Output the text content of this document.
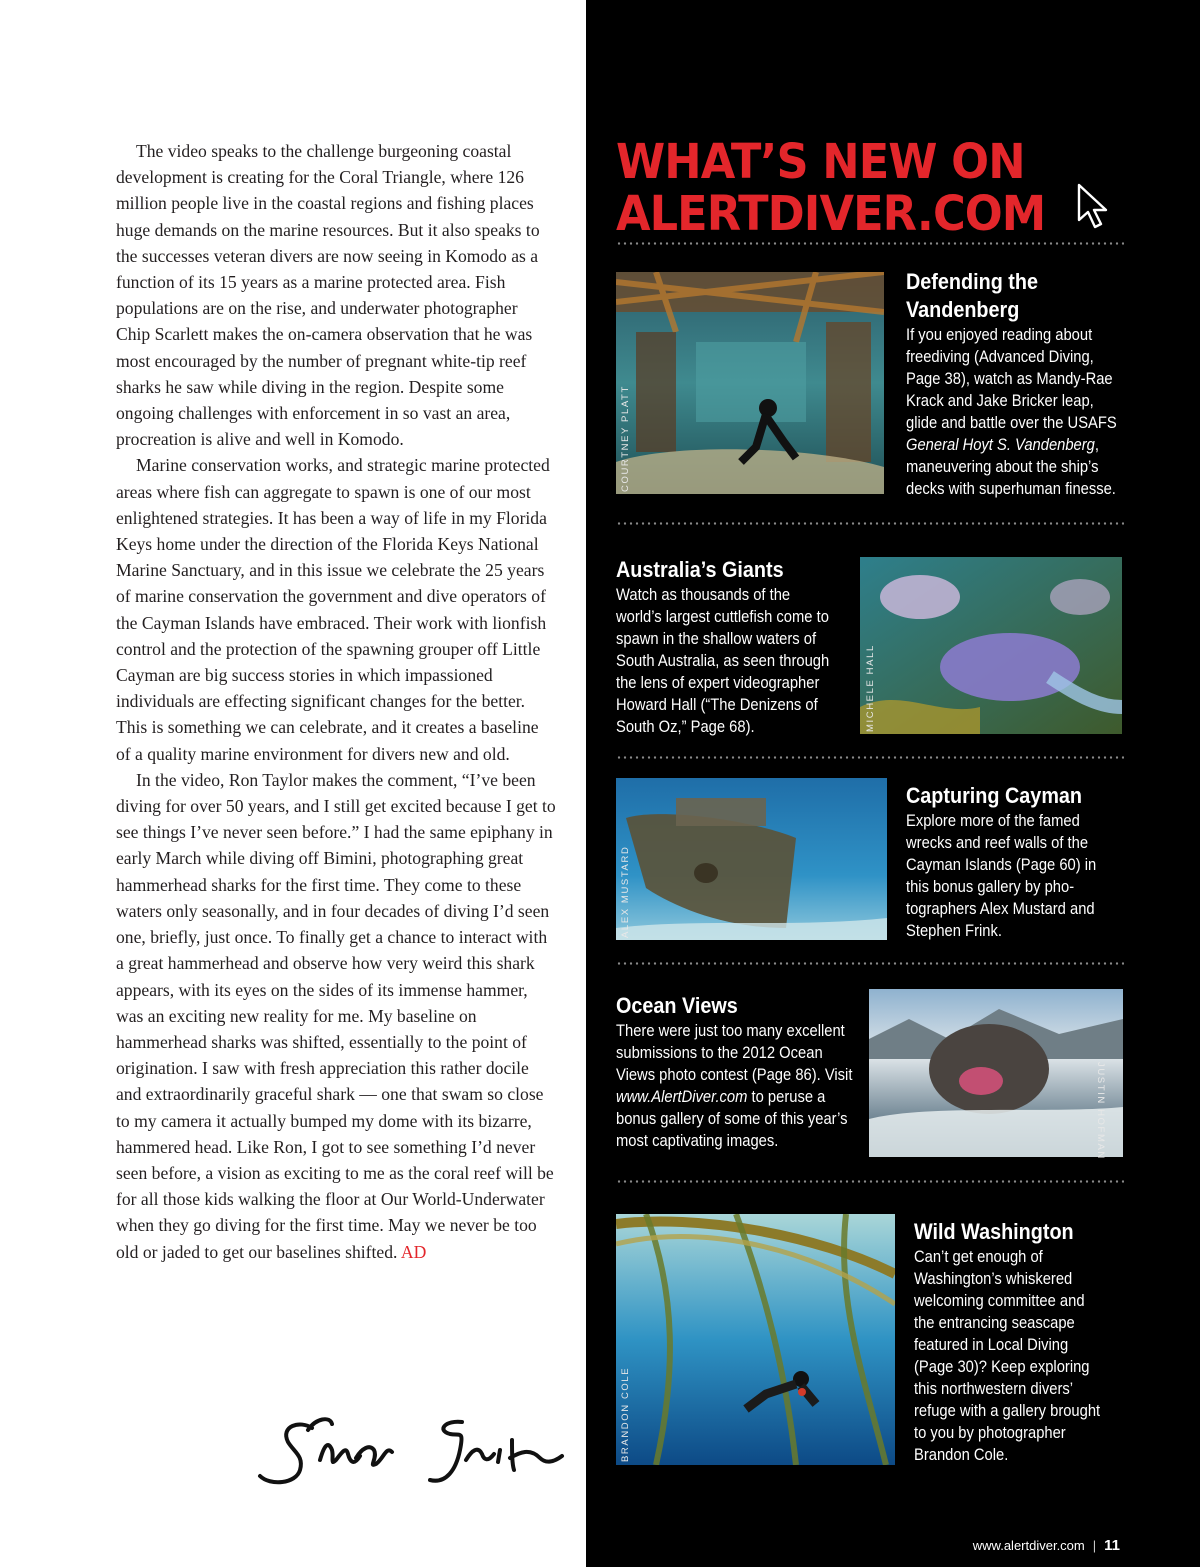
The video speaks to the challenge burgeoning coastal development is creating for the Coral Triangle, where 126 million people live in the coastal regions and fishing places huge demands on the marine resources. But it also speaks to the successes veteran divers are now seeing in Komodo as a function of its 15 years as a marine protected area. Fish populations are on the rise, and underwater photographer Chip Scarlett makes the on-camera observation that he was most encouraged by the number of pregnant white-tip reef sharks he saw while diving in the region. Despite some ongoing challenges with enforcement in so vast an area, procreation is alive and well in Komodo.

Marine conservation works, and strategic marine protected areas where fish can aggregate to spawn is one of our most enlightened strategies. It has been a way of life in my Florida Keys home under the direction of the Florida Keys National Marine Sanctuary, and in this issue we celebrate the 25 years of marine conservation the government and dive operators of the Cayman Islands have embraced. Their work with lionfish control and the protection of the spawning grouper off Little Cayman are big success stories in which impassioned individuals are effecting significant changes for the better. This is something we can celebrate, and it creates a baseline of a quality marine environment for divers new and old.

In the video, Ron Taylor makes the comment, “I’ve been diving for over 50 years, and I still get excited because I get to see things I’ve never seen before.” I had the same epiphany in early March while diving off Bimini, photographing great hammerhead sharks for the first time. They come to these waters only seasonally, and in four decades of diving I’d seen one, briefly, just once. To finally get a chance to interact with a great hammerhead and observe how very weird this shark appears, with its eyes on the sides of its immense hammer, was an exciting new reality for me. My baseline on hammerhead sharks was shifted, essentially to the point of origination. I saw with fresh appreciation this rather docile and extraordinarily graceful shark — one that swam so close to my camera it actually bumped my dome with its bizarre, hammered head. Like Ron, I got to see something I’d never seen before, a vision as exciting to me as the coral reef will be for all those kids walking the floor at Our World-Underwater when they go diving for the first time. May we never be too old or jaded to get our baselines shifted. AD

Stephen Frink
WHAT’S NEW ON
ALERTDIVER.COM
COURTNEY PLATT
Defending the
Vandenberg

If you enjoyed reading about
freediving (Advanced Diving,
Page 38), watch as Mandy-Rae
Krack and Jake Bricker leap,
glide and battle over the USAFS
General Hoyt S. Vandenberg,
maneuvering about the ship’s
decks with superhuman finesse.

Australia’s Giants

Watch as thousands of the
world’s largest cuttlefish come to
spawn in the shallow waters of
South Australia, as seen through
the lens of expert videographer
Howard Hall (“The Denizens of
South Oz,” Page 68).	MICHELE HALL
ALEX MUSTARD
Capturing Cayman

Explore more of the famed
wrecks and reef walls of the
Cayman Islands (Page 60) in
this bonus gallery by pho-
tographers Alex Mustard and
Stephen Frink.

Ocean Views

There were just too many excellent
submissions to the 2012 Ocean
Views photo contest (Page 86). Visit
www.AlertDiver.com to peruse a
bonus gallery of some of this year’s
most captivating images.	JUSTIN HOFMAN
BRANDON COLE
Wild Washington

Can’t get enough of
Washington’s whiskered
welcoming committee and
the entrancing seascape
featured in Local Diving
(Page 30)? Keep exploring
this northwestern divers’
refuge with a gallery brought
to you by photographer
Brandon Cole.

www.alertdiver.com | 11
